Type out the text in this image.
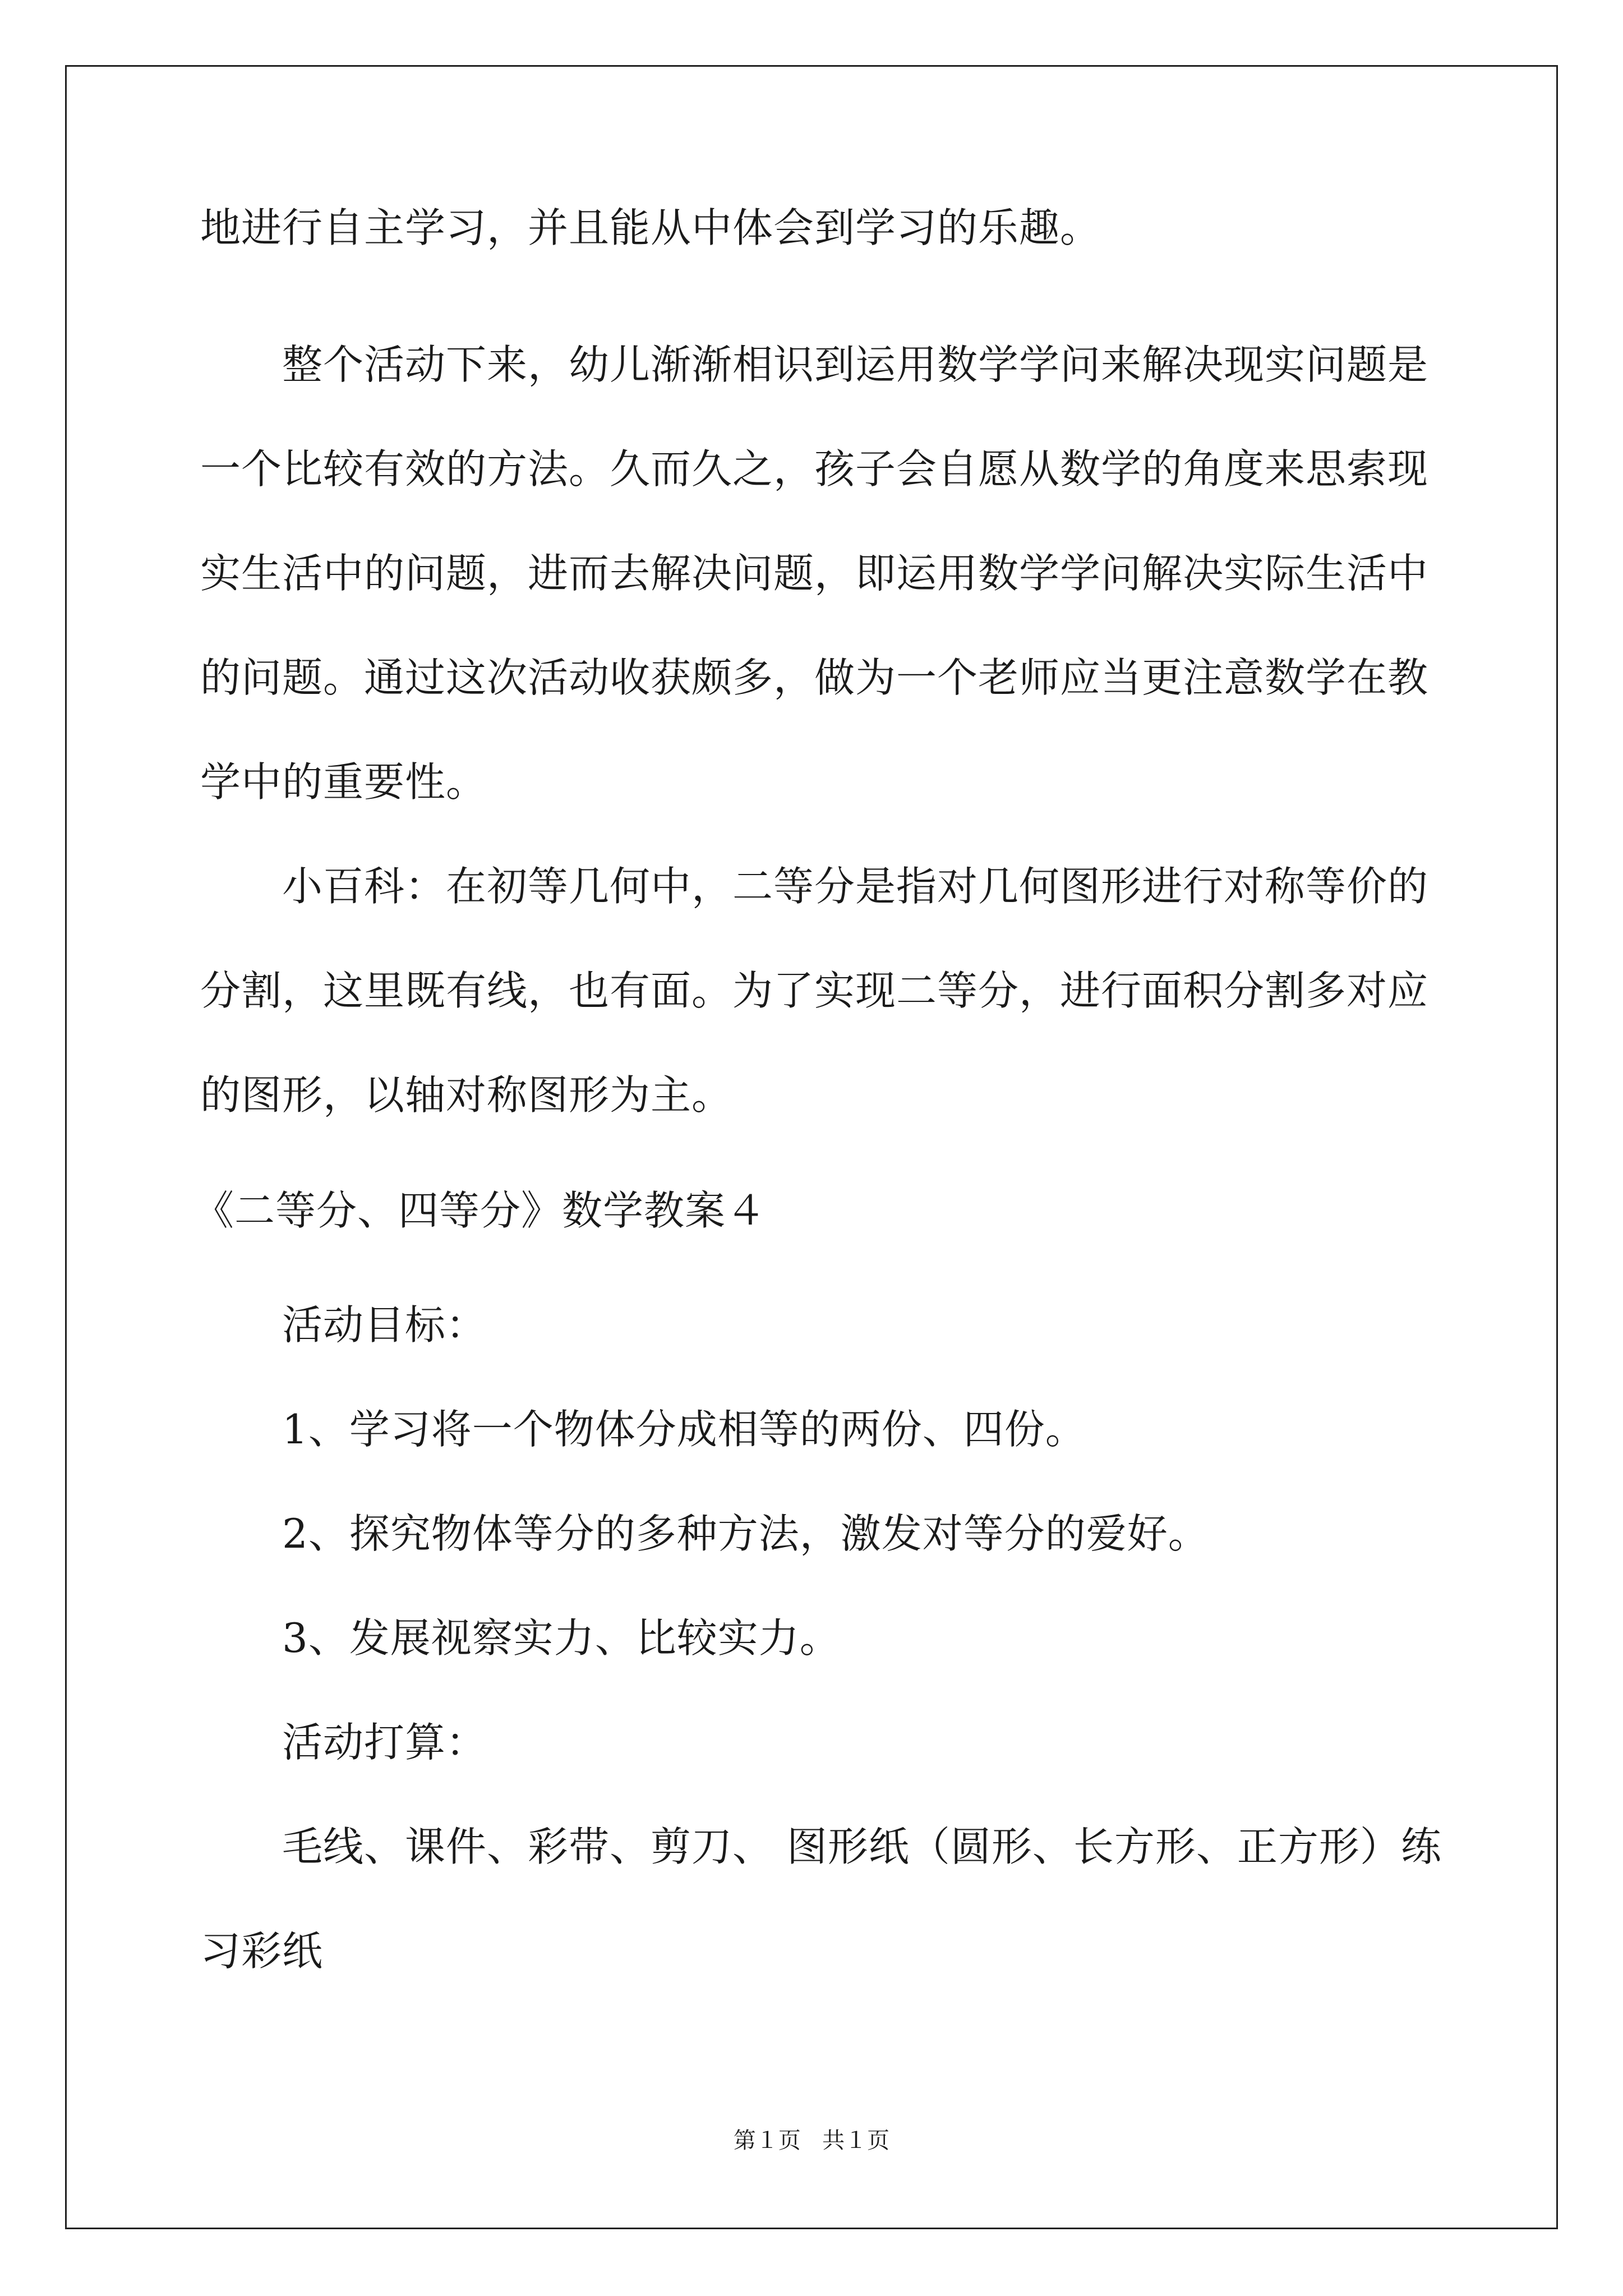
地进行自主学习，并且能从中体会到学习的乐趣。
整个活动下来，幼儿渐渐相识到运用数学学问来解决现实问题是
一个比较有效的方法。久而久之，孩子会自愿从数学的角度来思索现
实生活中的问题，进而去解决问题，即运用数学学问解决实际生活中
的问题。通过这次活动收获颇多，做为一个老师应当更注意数学在教
学中的重要性。
小百科：在初等几何中，二等分是指对几何图形进行对称等价的
分割，这里既有线，也有面。为了实现二等分，进行面积分割多对应
的图形，以轴对称图形为主。
《二等分、四等分》数学教案４
活动目标：
1、学习将一个物体分成相等的两份、四份。
2、探究物体等分的多种方法，激发对等分的爱好。
3、发展视察实力、比较实力。
活动打算：
毛线、课件、彩带、剪刀、 图形纸（圆形、长方形、正方形）练
习彩纸
第１页   共１页
